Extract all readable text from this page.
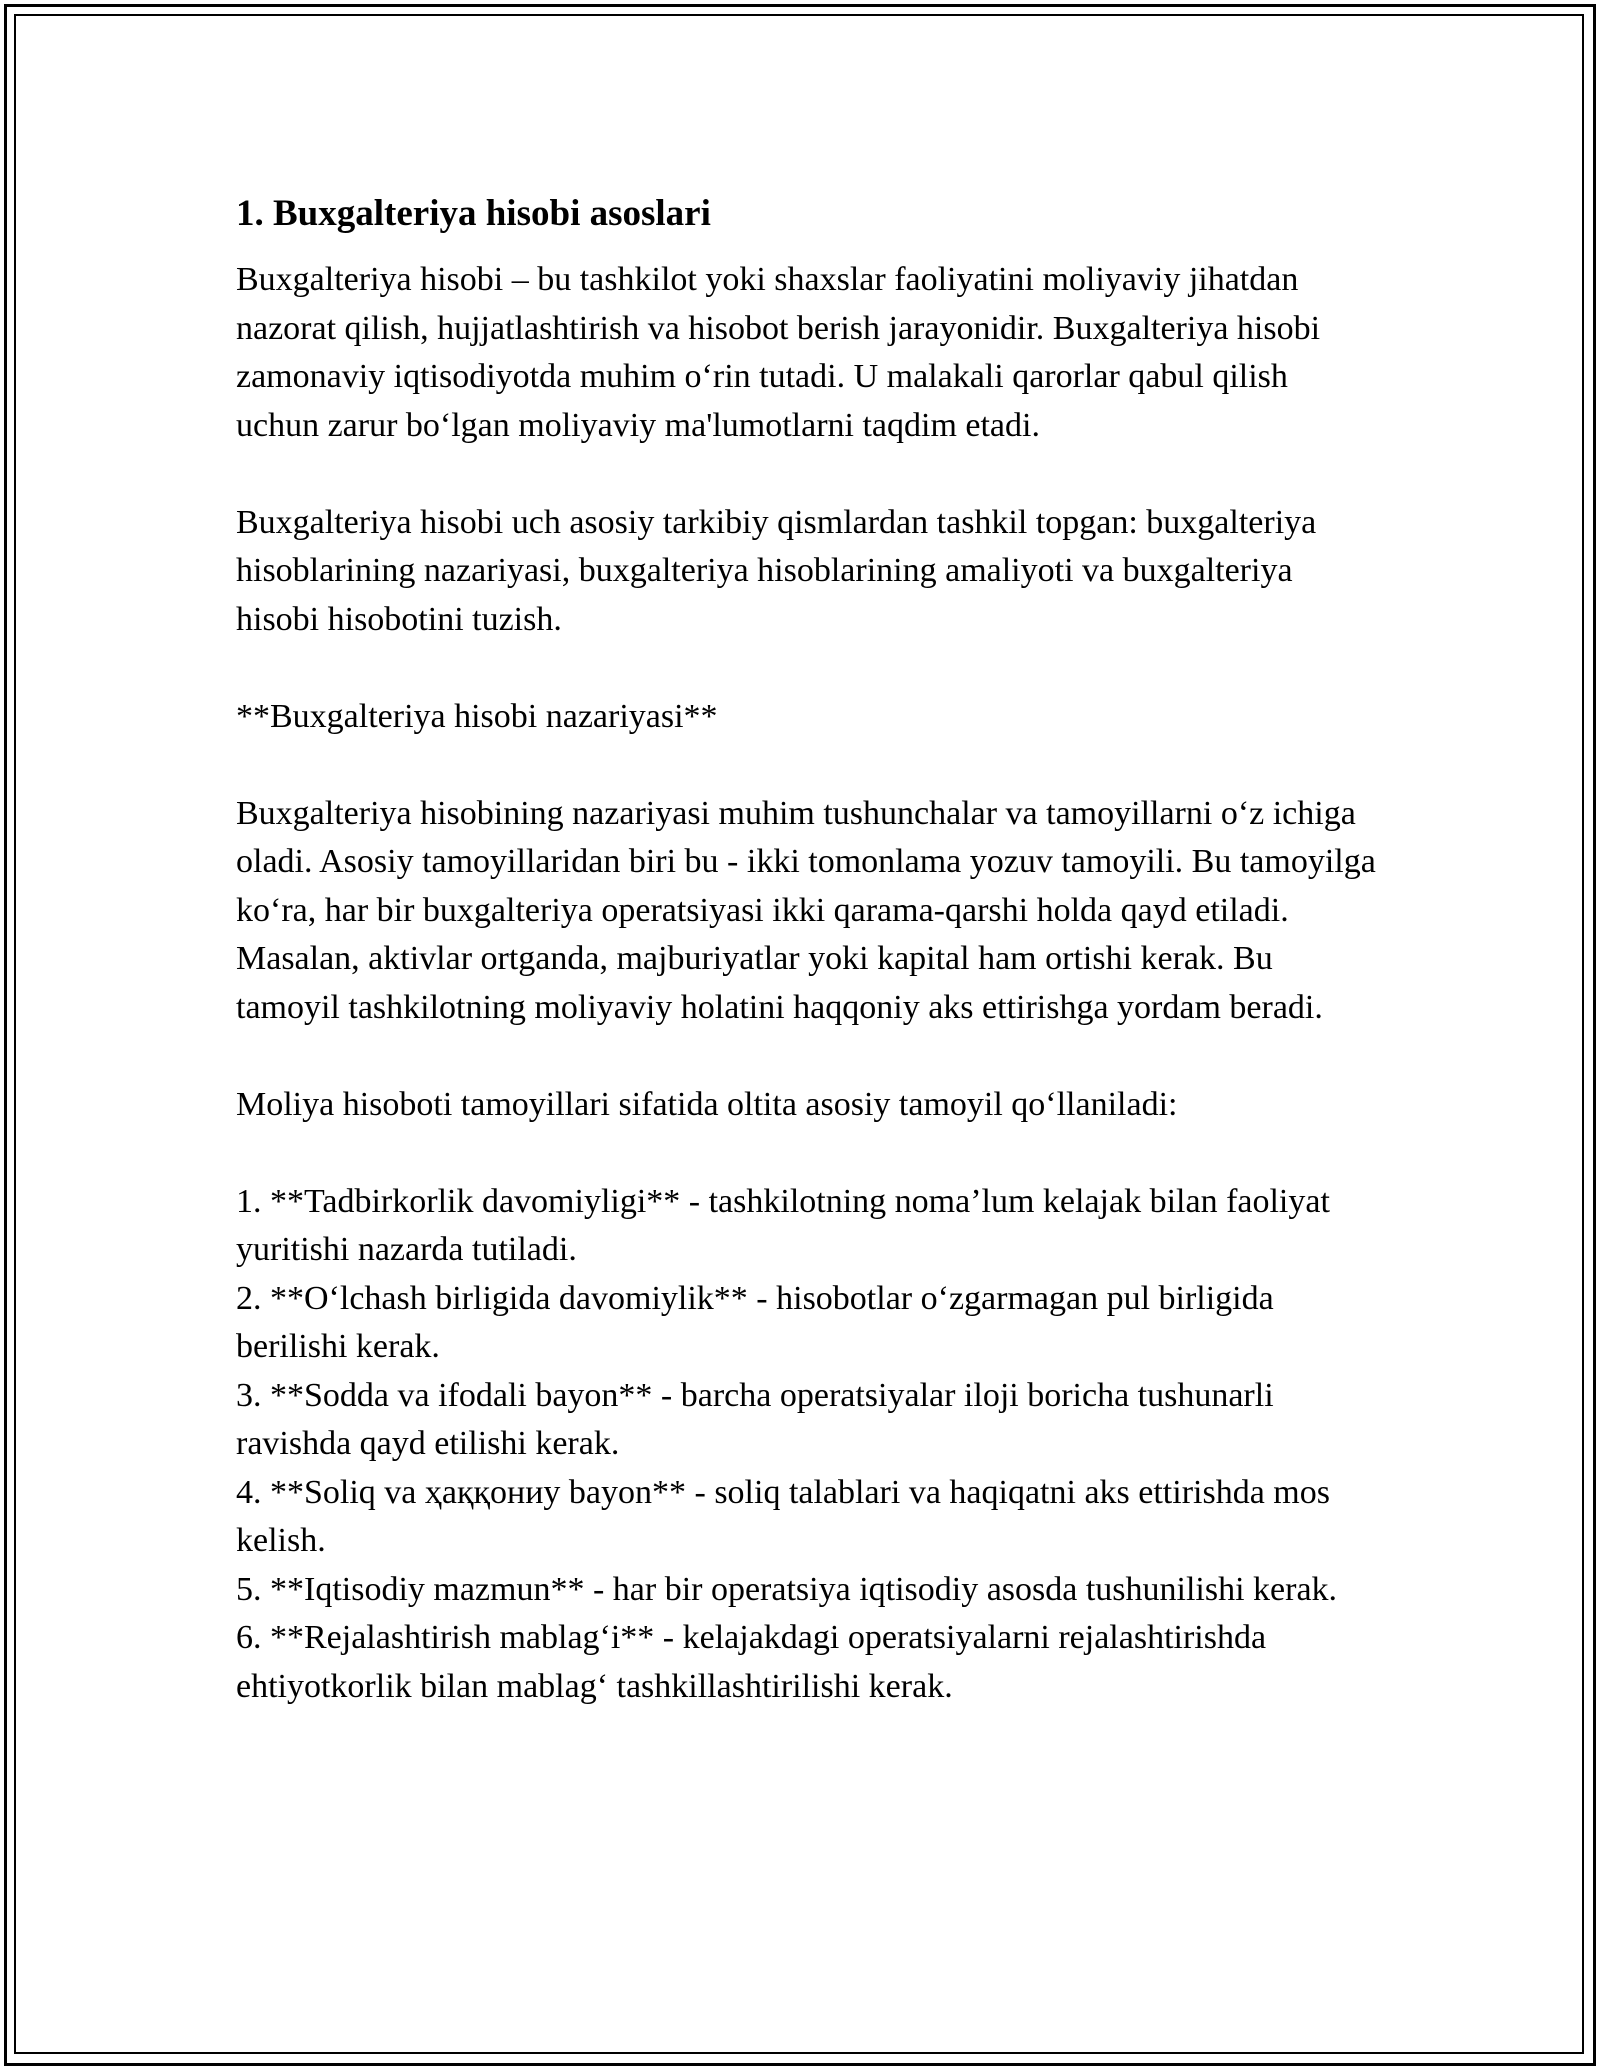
1. Buxgalteriya hisobi asoslari

Buxgalteriya hisobi – bu tashkilot yoki shaxslar faoliyatini moliyaviy jihatdan nazorat qilish, hujjatlashtirish va hisobot berish jarayonidir. Buxgalteriya hisobi zamonaviy iqtisodiyotda muhim oʻrin tutadi. U malakali qarorlar qabul qilish uchun zarur boʻlgan moliyaviy ma'lumotlarni taqdim etadi.

Buxgalteriya hisobi uch asosiy tarkibiy qismlardan tashkil topgan: buxgalteriya hisoblarining nazariyasi, buxgalteriya hisoblarining amaliyoti va buxgalteriya hisobi hisobotini tuzish.

**Buxgalteriya hisobi nazariyasi**

Buxgalteriya hisobining nazariyasi muhim tushunchalar va tamoyillarni oʻz ichiga oladi. Asosiy tamoyillaridan biri bu - ikki tomonlama yozuv tamoyili. Bu tamoyilga koʻra, har bir buxgalteriya operatsiyasi ikki qarama-qarshi holda qayd etiladi. Masalan, aktivlar ortganda, majburiyatlar yoki kapital ham ortishi kerak. Bu tamoyil tashkilotning moliyaviy holatini haqqoniy aks ettirishga yordam beradi.

Moliya hisoboti tamoyillari sifatida oltita asosiy tamoyil qoʻllaniladi:

1. **Tadbirkorlik davomiyligi** - tashkilotning noma’lum kelajak bilan faoliyat yuritishi nazarda tutiladi.

2. **Oʻlchash birligida davomiylik** - hisobotlar oʻzgarmagan pul birligida berilishi kerak.

3. **Sodda va ifodali bayon** - barcha operatsiyalar iloji boricha tushunarli ravishda qayd etilishi kerak.

4. **Soliq va ҳаққониу bayon** - soliq talablari va haqiqatni aks ettirishda mos kelish.

5. **Iqtisodiy mazmun** - har bir operatsiya iqtisodiy asosda tushunilishi kerak.

6. **Rejalashtirish mablagʻi** - kelajakdagi operatsiyalarni rejalashtirishda ehtiyotkorlik bilan mablagʻ tashkillashtirilishi kerak.
